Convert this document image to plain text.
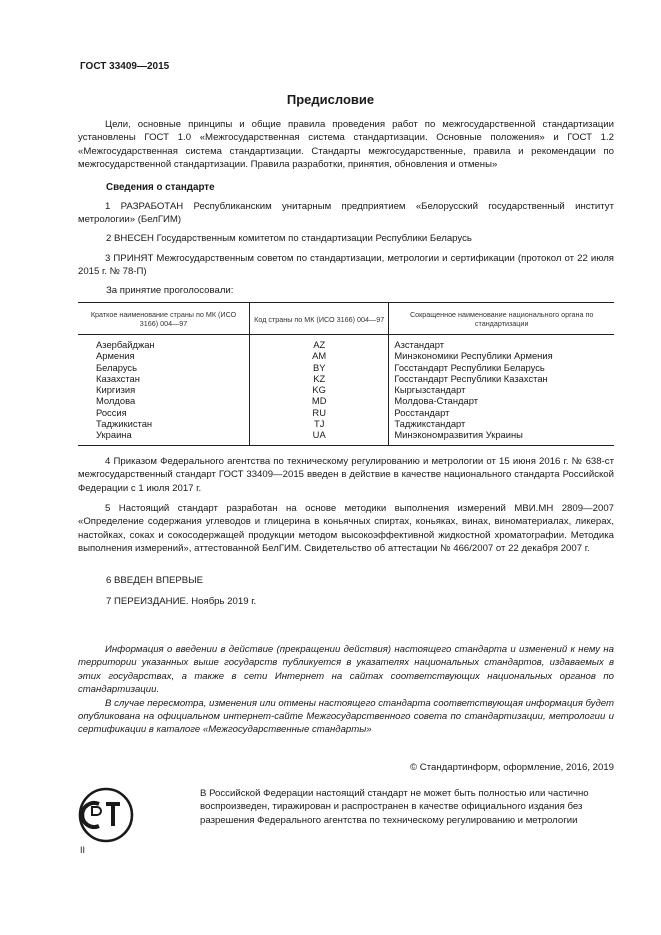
ГОСТ 33409—2015
Предисловие

Цели, основные принципы и общие правила проведения работ по межгосударственной стандартизации установлены ГОСТ 1.0 «Межгосударственная система стандартизации. Основные положения» и ГОСТ 1.2 «Межгосударственная система стандартизации. Стандарты межгосударственные, правила и рекомендации по межгосударственной стандартизации. Правила разработки, принятия, обновления и отмены»

Сведения о стандарте

1 РАЗРАБОТАН Республиканским унитарным предприятием «Белорусский государственный институт метрологии» (БелГИМ)

2 ВНЕСЕН Государственным комитетом по стандартизации Республики Беларусь

3 ПРИНЯТ Межгосударственным советом по стандартизации, метрологии и сертификации (протокол от 22 июля 2015 г. № 78-П)

За принятие проголосовали:
Краткое наименование страны по МК (ИСО 3166) 004—97	Код страны по МК (ИСО 3166) 004—97	Сокращенное наименование национального органа по стандартизации
Азербайджан	AZ	Азстандарт
Армения	AM	Минэкономики Республики Армения
Беларусь	BY	Госстандарт Республики Беларусь
Казахстан	KZ	Госстандарт Республики Казахстан
Киргизия	KG	Кыргызстандарт
Молдова	MD	Молдова-Стандарт
Россия	RU	Росстандарт
Таджикистан	TJ	Таджикстандарт
Украина	UA	Минэкономразвития Украины

4 Приказом Федерального агентства по техническому регулированию и метрологии от 15 июня 2016 г. № 638-ст межгосударственный стандарт ГОСТ 33409—2015 введен в действие в качестве национального стандарта Российской Федерации с 1 июля 2017 г.

5 Настоящий стандарт разработан на основе методики выполнения измерений МВИ.МН 2809—2007 «Определение содержания углеводов и глицерина в коньячных спиртах, коньяках, винах, виноматериалах, ликерах, настойках, соках и сокосодержащей продукции методом высокоэффективной жидкостной хроматографии. Методика выполнения измерений», аттестованной БелГИМ. Свидетельство об аттестации № 466/2007 от 22 декабря 2007 г.

6 ВВЕДЕН ВПЕРВЫЕ
7 ПЕРЕИЗДАНИЕ. Ноябрь 2019 г.

Информация о введении в действие (прекращении действия) настоящего стандарта и изменений к нему на территории указанных выше государств публикуется в указателях национальных стандартов, издаваемых в этих государствах, а также в сети Интернет на сайтах соответствующих национальных органов по стандартизации.

В случае пересмотра, изменения или отмены настоящего стандарта соответствующая информация будет опубликована на официальном интернет-сайте Межгосударственного совета по стандартизации, метрологии и сертификации в каталоге «Межгосударственные стандарты»

© Стандартинформ, оформление, 2016, 2019

В Российской Федерации настоящий стандарт не может быть полностью или частично воспроизведен, тиражирован и распространен в качестве официального издания без разрешения Федерального агентства по техническому регулированию и метрологии

II
